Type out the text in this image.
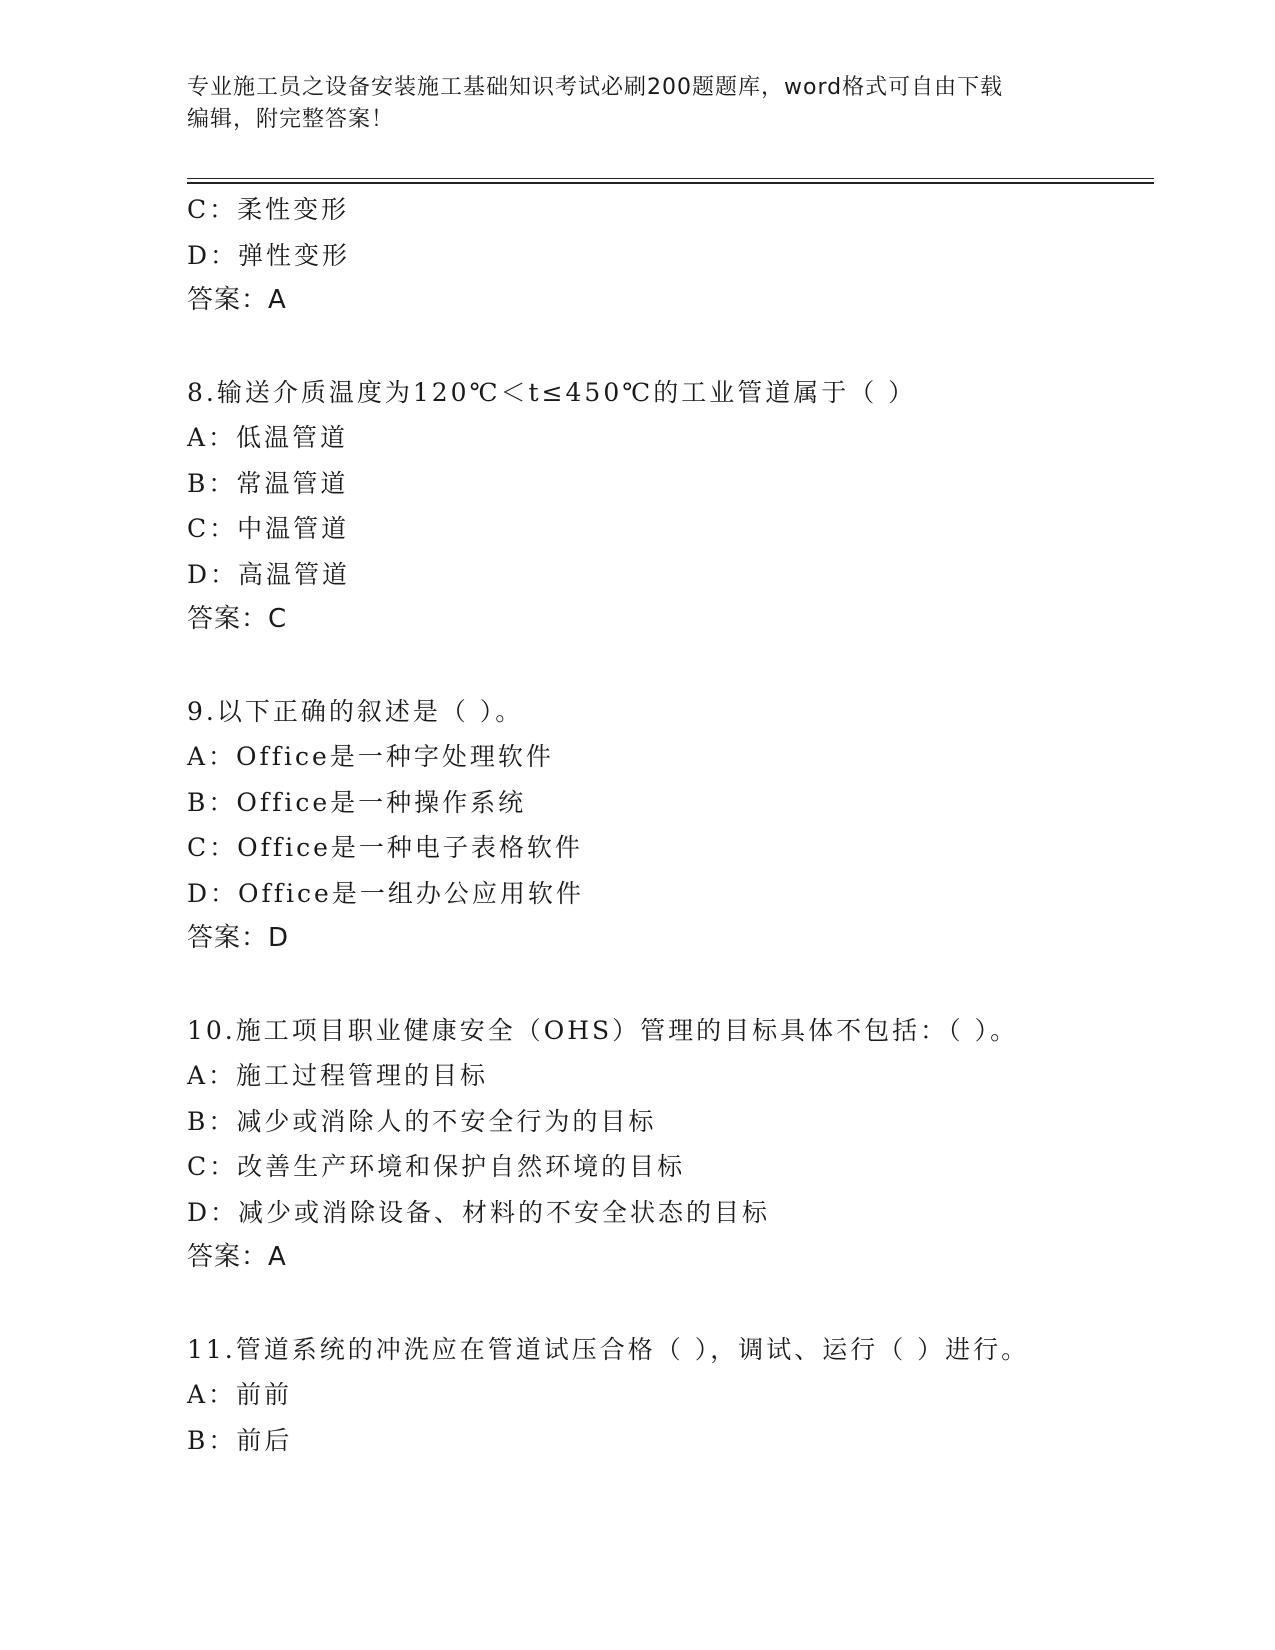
专业施工员之设备安装施工基础知识考试必刷200题题库，word格式可自由下载
编辑，附完整答案！
C：柔性变形
D：弹性变形
答案：A
8.输送介质温度为120℃＜t≤450℃的工业管道属于（ ）
A：低温管道
B：常温管道
C：中温管道
D：高温管道
答案：C
9.以下正确的叙述是（ ）。
A：Office是一种字处理软件
B：Office是一种操作系统
C：Office是一种电子表格软件
D：Office是一组办公应用软件
答案：D
10.施工项目职业健康安全（OHS）管理的目标具体不包括：（ ）。
A：施工过程管理的目标
B：减少或消除人的不安全行为的目标
C：改善生产环境和保护自然环境的目标
D：减少或消除设备、材料的不安全状态的目标
答案：A
11.管道系统的冲洗应在管道试压合格（ ），调试、运行（ ）进行。
A：前前
B：前后
